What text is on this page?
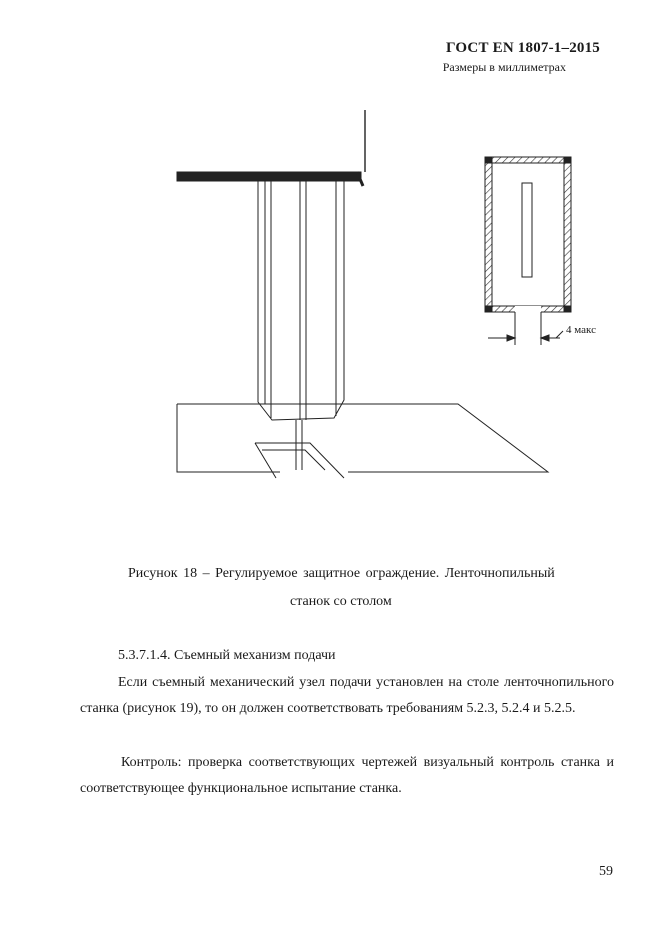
ГОСТ EN 1807-1–2015
Размеры в миллиметрах
4 макс
Рисунок 18 – Регулируемое защитное ограждение. Ленточнопильный
станок со столом
5.3.7.1.4. Съемный механизм подачи
Если съемный механический узел подачи установлен на столе ленточнопильного станка (рисунок 19), то он должен соответствовать требованиям 5.2.3, 5.2.4 и 5.2.5.
Контроль: проверка соответствующих чертежей визуальный контроль станка и соответствующее функциональное испытание станка.
59
